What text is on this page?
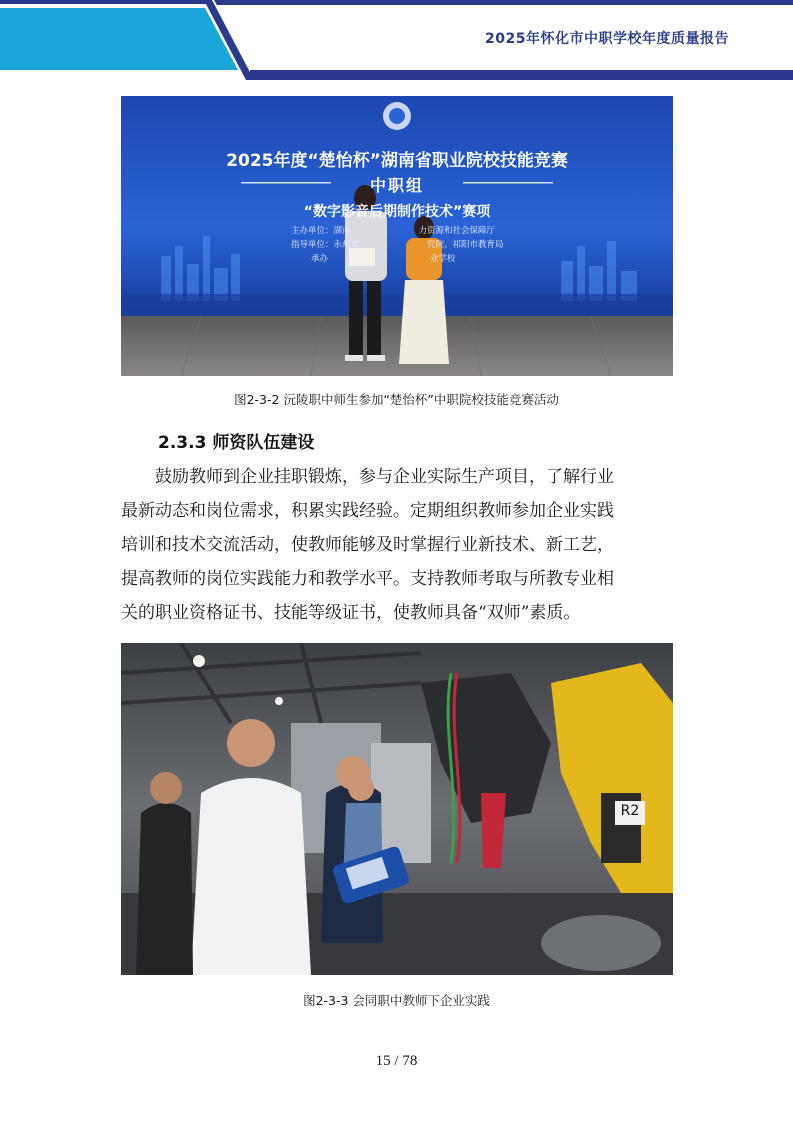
2025年怀化市中职学校年度质量报告
2025年度“楚怡杯”湖南省职业院校技能竞赛
中职组
“数字影音后期制作技术”赛项
主办单位：湖南　　　　　　　　力资源和社会保障厅
指导单位：永州市　　　　　　　　究院、祁阳市教育局
承办　　　　　　　　　　　　业学校
图2-3-2 沅陵职中师生参加“楚怡杯”中职院校技能竞赛活动
2.3.3 师资队伍建设
　　鼓励教师到企业挂职锻炼，参与企业实际生产项目，了解行业
最新动态和岗位需求，积累实践经验。定期组织教师参加企业实践
培训和技术交流活动，使教师能够及时掌握行业新技术、新工艺，
提高教师的岗位实践能力和教学水平。支持教师考取与所教专业相
关的职业资格证书、技能等级证书，使教师具备“双师”素质。
R2
图2-3-3 会同职中教师下企业实践
15 / 78
